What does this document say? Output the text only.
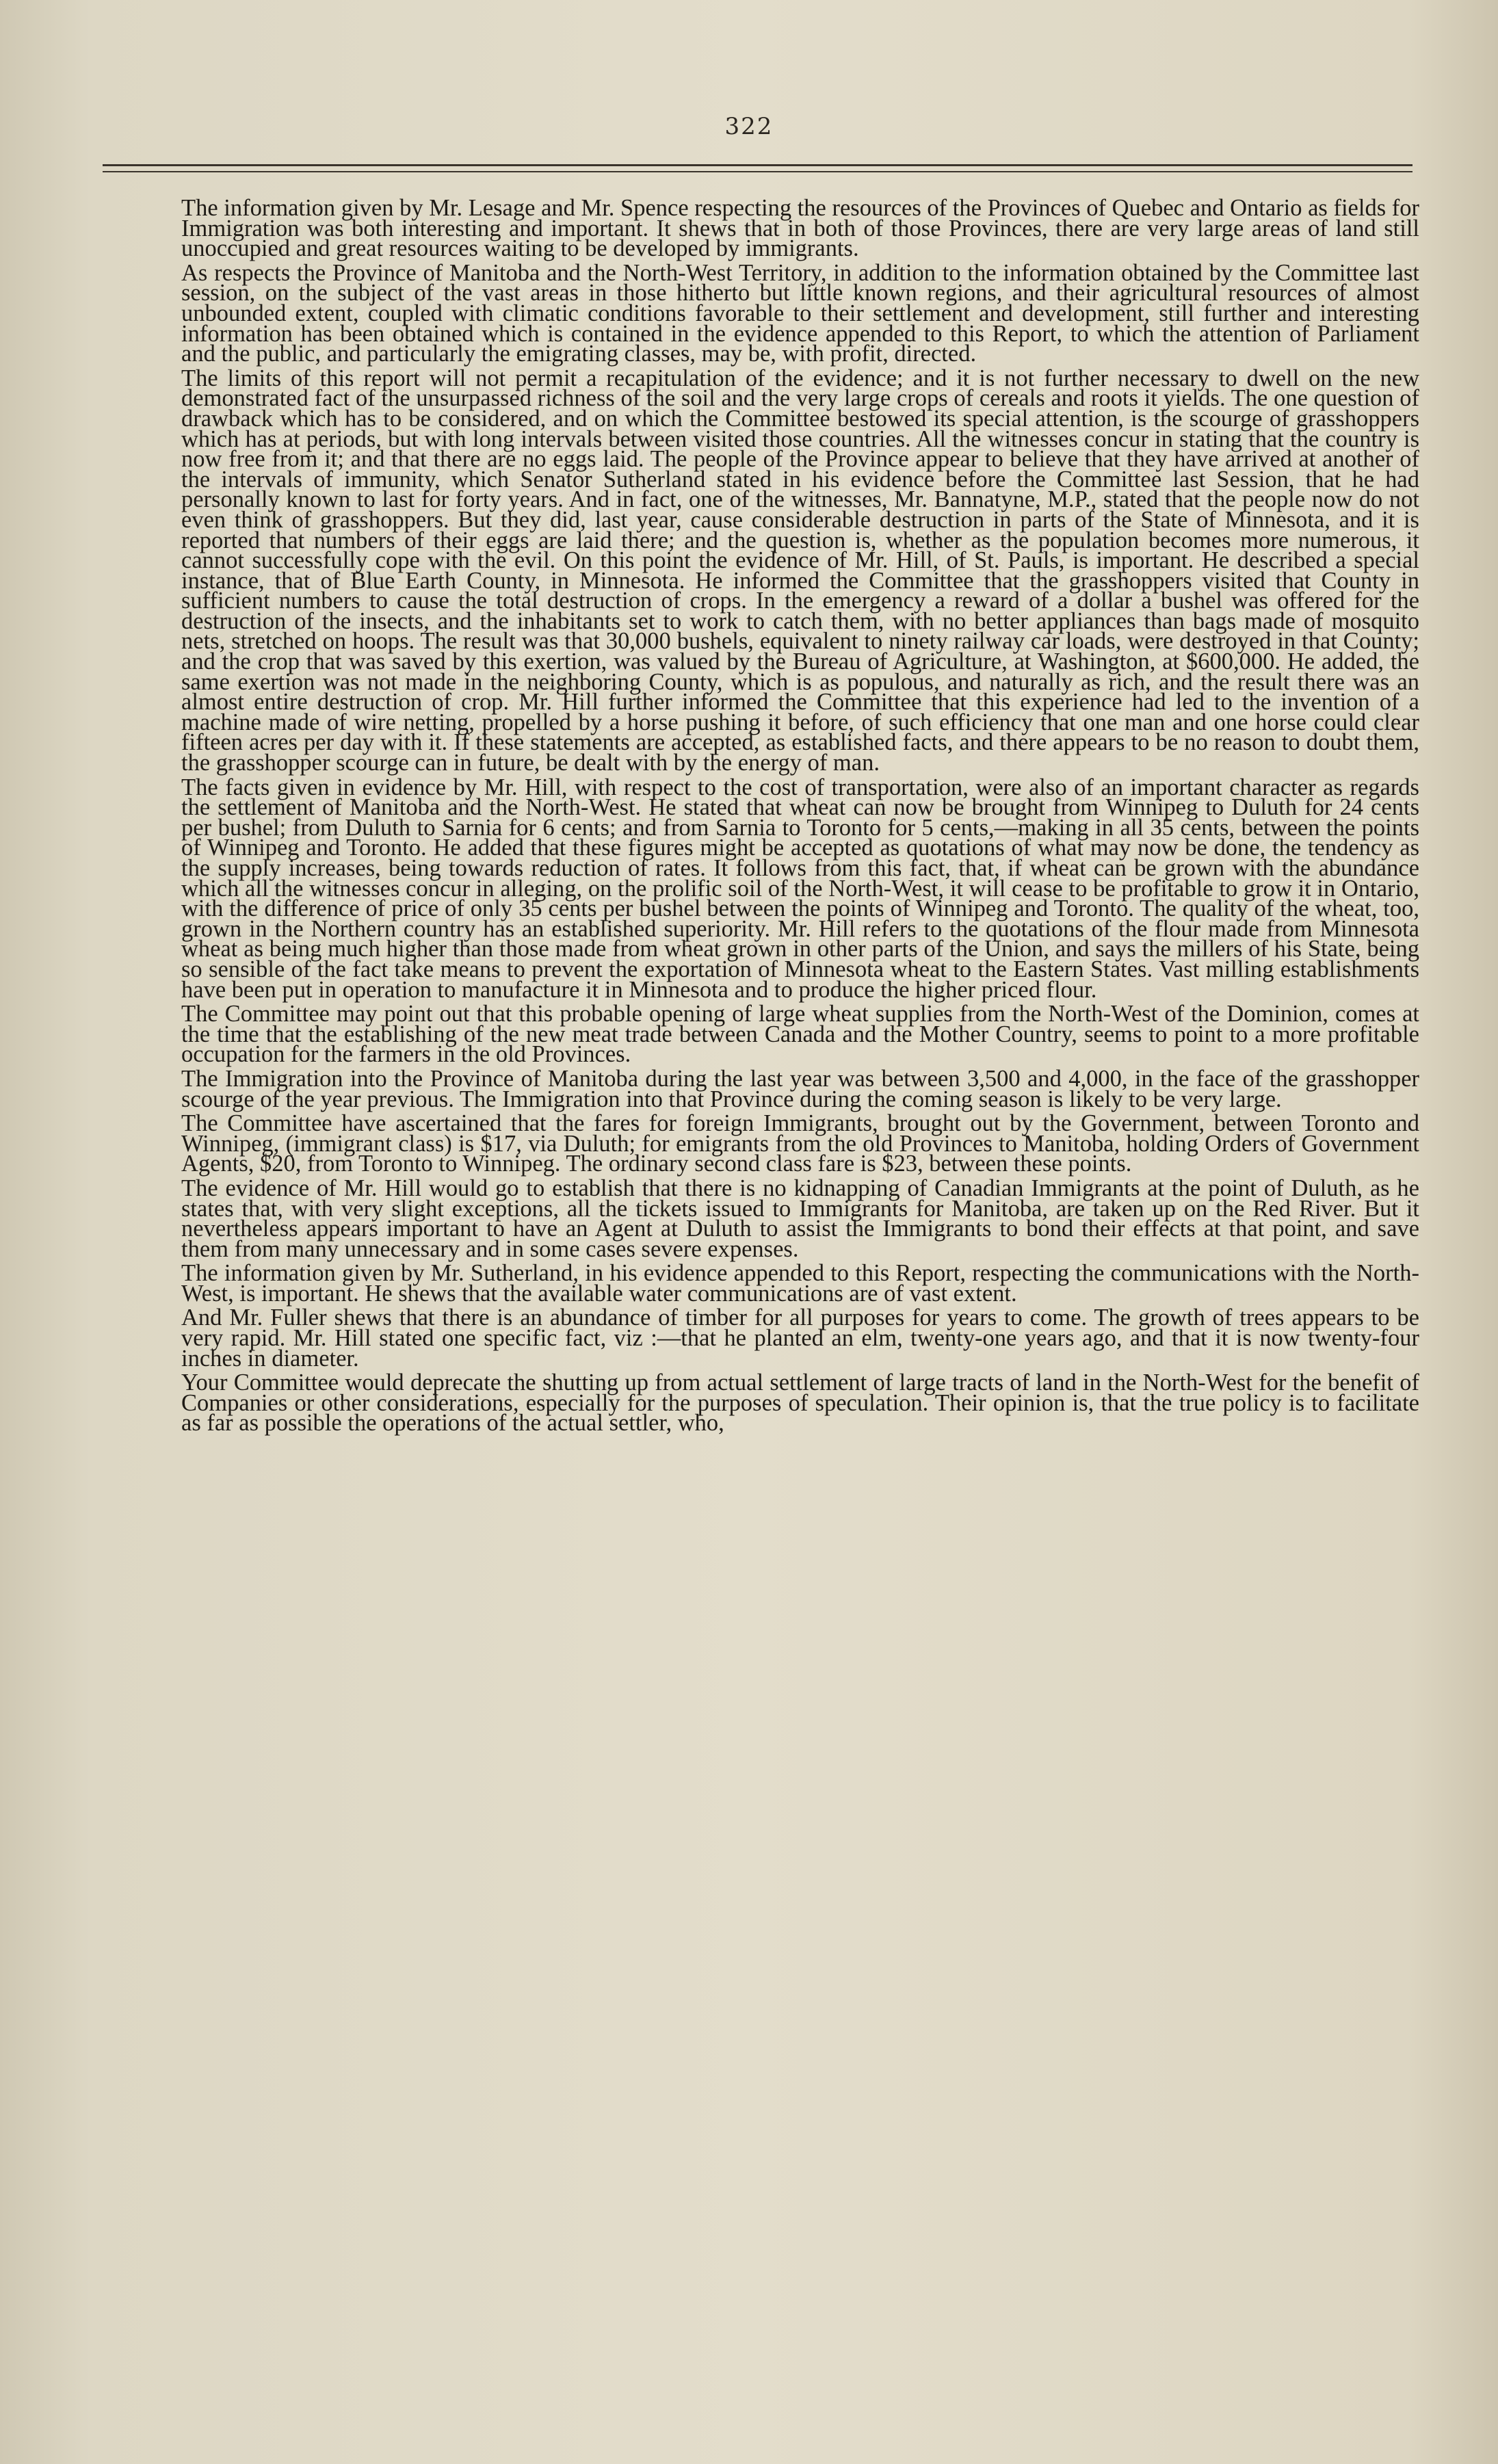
322

The information given by Mr. Lesage and Mr. Spence respecting the resources of the Provinces of Quebec and Ontario as fields for Immigration was both interesting and important. It shews that in both of those Provinces, there are very large areas of land still unoccupied and great resources waiting to be developed by immigrants.

As respects the Province of Manitoba and the North-West Territory, in addition to the information obtained by the Committee last session, on the subject of the vast areas in those hitherto but little known regions, and their agricultural resources of almost unbounded extent, coupled with climatic conditions favorable to their settlement and development, still further and interesting information has been obtained which is contained in the evidence appended to this Report, to which the attention of Parliament and the public, and particularly the emigrating classes, may be, with profit, directed.

The limits of this report will not permit a recapitulation of the evidence; and it is not further necessary to dwell on the new demonstrated fact of the unsurpassed richness of the soil and the very large crops of cereals and roots it yields. The one question of drawback which has to be considered, and on which the Committee bestowed its special attention, is the scourge of grasshoppers which has at periods, but with long intervals between visited those countries. All the witnesses concur in stating that the country is now free from it; and that there are no eggs laid. The people of the Province appear to believe that they have arrived at another of the intervals of immunity, which Senator Sutherland stated in his evidence before the Committee last Session, that he had personally known to last for forty years. And in fact, one of the witnesses, Mr. Bannatyne, M.P., stated that the people now do not even think of grasshoppers. But they did, last year, cause considerable destruction in parts of the State of Minnesota, and it is reported that numbers of their eggs are laid there; and the question is, whether as the population becomes more numerous, it cannot successfully cope with the evil. On this point the evidence of Mr. Hill, of St. Pauls, is important. He described a special instance, that of Blue Earth County, in Minnesota. He informed the Committee that the grasshoppers visited that County in sufficient numbers to cause the total destruction of crops. In the emergency a reward of a dollar a bushel was offered for the destruction of the insects, and the inhabitants set to work to catch them, with no better appliances than bags made of mosquito nets, stretched on hoops. The result was that 30,000 bushels, equivalent to ninety railway car loads, were destroyed in that County; and the crop that was saved by this exertion, was valued by the Bureau of Agriculture, at Washington, at $600,000. He added, the same exertion was not made in the neighboring County, which is as populous, and naturally as rich, and the result there was an almost entire destruction of crop. Mr. Hill further informed the Committee that this experience had led to the invention of a machine made of wire netting, propelled by a horse pushing it before, of such efficiency that one man and one horse could clear fifteen acres per day with it. If these statements are accepted, as established facts, and there appears to be no reason to doubt them, the grasshopper scourge can in future, be dealt with by the energy of man.

The facts given in evidence by Mr. Hill, with respect to the cost of transportation, were also of an important character as regards the settlement of Manitoba and the North-West. He stated that wheat can now be brought from Winnipeg to Duluth for 24 cents per bushel; from Duluth to Sarnia for 6 cents; and from Sarnia to Toronto for 5 cents,—making in all 35 cents, between the points of Winnipeg and Toronto. He added that these figures might be accepted as quotations of what may now be done, the tendency as the supply increases, being towards reduction of rates. It follows from this fact, that, if wheat can be grown with the abundance which all the witnesses concur in alleging, on the prolific soil of the North-West, it will cease to be profitable to grow it in Ontario, with the difference of price of only 35 cents per bushel between the points of Winnipeg and Toronto. The quality of the wheat, too, grown in the Northern country has an established superiority. Mr. Hill refers to the quotations of the flour made from Minnesota wheat as being much higher than those made from wheat grown in other parts of the Union, and says the millers of his State, being so sensible of the fact take means to prevent the exportation of Minnesota wheat to the Eastern States. Vast milling establishments have been put in operation to manufacture it in Minnesota and to produce the higher priced flour.

The Committee may point out that this probable opening of large wheat supplies from the North-West of the Dominion, comes at the time that the establishing of the new meat trade between Canada and the Mother Country, seems to point to a more profitable occupation for the farmers in the old Provinces.

The Immigration into the Province of Manitoba during the last year was between 3,500 and 4,000, in the face of the grasshopper scourge of the year previous. The Immigration into that Province during the coming season is likely to be very large.

The Committee have ascertained that the fares for foreign Immigrants, brought out by the Government, between Toronto and Winnipeg, (immigrant class) is $17, via Duluth; for emigrants from the old Provinces to Manitoba, holding Orders of Government Agents, $20, from Toronto to Winnipeg. The ordinary second class fare is $23, between these points.

The evidence of Mr. Hill would go to establish that there is no kidnapping of Canadian Immigrants at the point of Duluth, as he states that, with very slight exceptions, all the tickets issued to Immigrants for Manitoba, are taken up on the Red River. But it nevertheless appears important to have an Agent at Duluth to assist the Immigrants to bond their effects at that point, and save them from many unnecessary and in some cases severe expenses.

The information given by Mr. Sutherland, in his evidence appended to this Report, respecting the communications with the North-West, is important. He shews that the available water communications are of vast extent.

And Mr. Fuller shews that there is an abundance of timber for all purposes for years to come. The growth of trees appears to be very rapid. Mr. Hill stated one specific fact, viz :—that he planted an elm, twenty-one years ago, and that it is now twenty-four inches in diameter.

Your Committee would deprecate the shutting up from actual settlement of large tracts of land in the North-West for the benefit of Companies or other considerations, especially for the purposes of speculation. Their opinion is, that the true policy is to facilitate as far as possible the operations of the actual settler, who,
